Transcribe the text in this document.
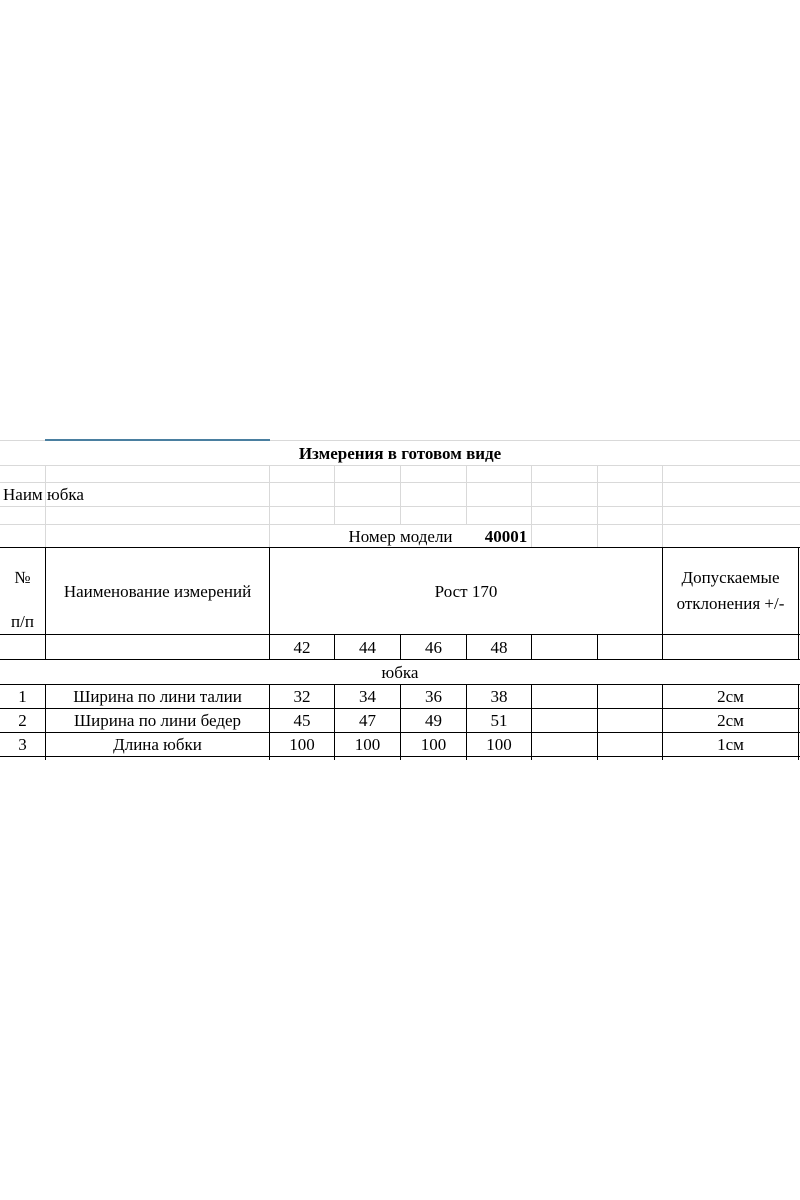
Измерения в готовом виде
Наим юбка
Номер модели	40001
№
п/п
Наименование измерений	Рост 170
Допускаемые отклонения +/-
42	44	46	48
юбка
1	Ширина по лини талии	32	34	36	38	2см
2	Ширина по лини бедер	45	47	49	51	2см
3	Длина юбки	100	100	100	100	1см
